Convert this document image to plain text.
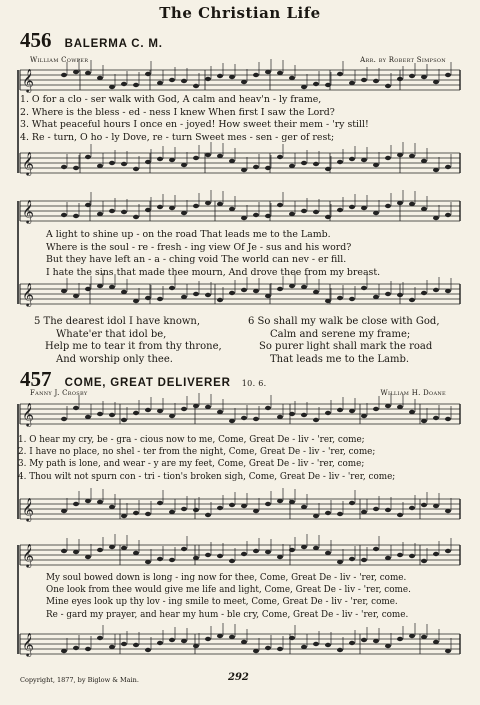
The Christian Life
456 BALERMA C. M.
William Cowper	Arr. by Robert Simpson
𝄞
𝄞
𝄞
𝄞
𝄞
𝄞
𝄞
𝄞
1. O for a clo - ser walk with God, A calm and heav'n - ly frame,
2. Where is the bless - ed - ness I knew When first I saw the Lord?
3. What peaceful hours I once en - joyed! How sweet their mem - 'ry still!
4. Re - turn, O ho - ly Dove, re - turn Sweet mes - sen - ger of rest;
A light to shine up - on the road That leads me to the Lamb.
Where is the soul - re - fresh - ing view Of Je - sus and his word?
But they have left an - a - ching void The world can nev - er fill.
I hate the sins that made thee mourn, And drove thee from my breast.
5 The dearest idol I have known,
Whate'er that idol be,
Help me to tear it from thy throne,
And worship only thee.
6 So shall my walk be close with God,
Calm and serene my frame;
So purer light shall mark the road
That leads me to the Lamb.
457 COME, GREAT DELIVERER 10. 6.
Fanny J. Crosby	William H. Doane
1. O hear my cry, be - gra - cious now to me, Come, Great De - liv - 'rer, come;
2. I have no place, no shel - ter from the night, Come, Great De - liv - 'rer, come;
3. My path is lone, and wear - y are my feet, Come, Great De - liv - 'rer, come;
4. Thou wilt not spurn con - tri - tion's broken sigh, Come, Great De - liv - 'rer, come;
My soul bowed down is long - ing now for thee, Come, Great De - liv - 'rer, come.
One look from thee would give me life and light, Come, Great De - liv - 'rer, come.
Mine eyes look up thy lov - ing smile to meet, Come, Great De - liv - 'rer, come.
Re - gard my prayer, and hear my hum - ble cry, Come, Great De - liv - 'rer, come.
Copyright, 1877, by Biglow & Main.	292
